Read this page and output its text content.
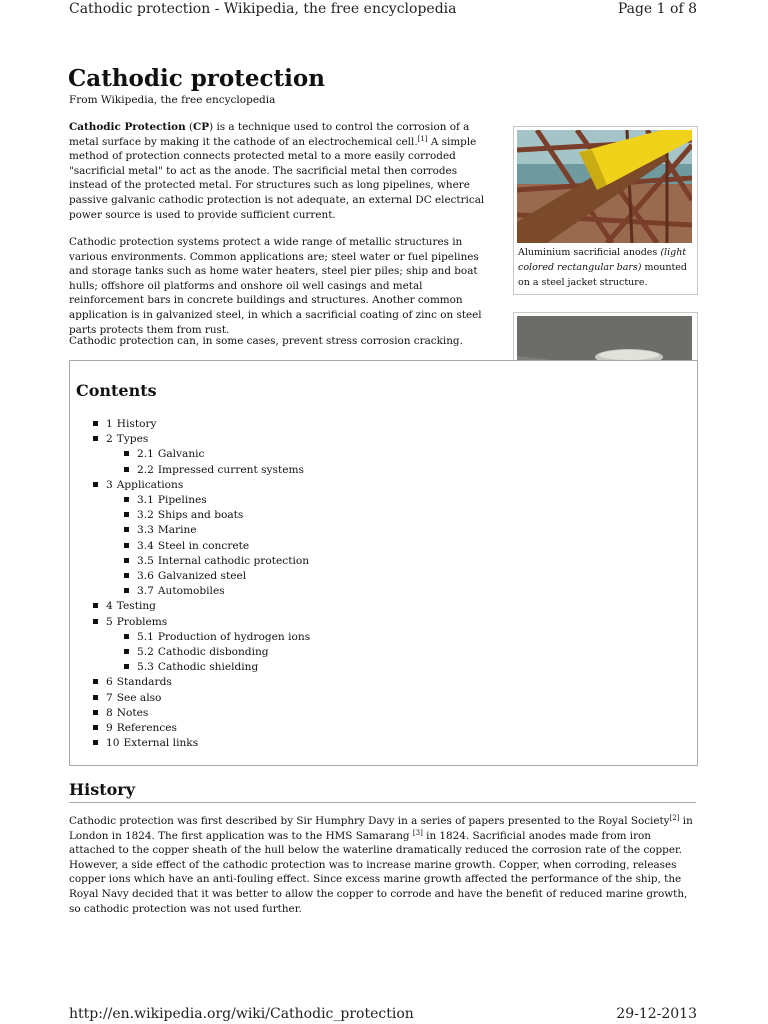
Cathodic protection - Wikipedia, the free encyclopedia	Page 1 of 8
Cathodic protection
From Wikipedia, the free encyclopedia

Cathodic Protection (CP) is a technique used to control the corrosion of a metal surface by making it the cathode of an electrochemical cell.[1] A simple method of protection connects protected metal to a more easily corroded "sacrificial metal" to act as the anode. The sacrificial metal then corrodes instead of the protected metal. For structures such as long pipelines, where passive galvanic cathodic protection is not adequate, an external DC electrical power source is used to provide sufficient current.

Cathodic protection systems protect a wide range of metallic structures in various environments. Common applications are; steel water or fuel pipelines and storage tanks such as home water heaters, steel pier piles; ship and boat hulls; offshore oil platforms and onshore oil well casings and metal reinforcement bars in concrete buildings and structures. Another common application is in galvanized steel, in which a sacrificial coating of zinc on steel parts protects them from rust.

Cathodic protection can, in some cases, prevent stress corrosion cracking.

Aluminium sacrificial anodes (light colored rectangular bars) mounted on a steel jacket structure.
Contents
1 History
2 Types
2.1 Galvanic
2.2 Impressed current systems
3 Applications
3.1 Pipelines
3.2 Ships and boats
3.3 Marine
3.4 Steel in concrete
3.5 Internal cathodic protection
3.6 Galvanized steel
3.7 Automobiles
4 Testing
5 Problems
5.1 Production of hydrogen ions
5.2 Cathodic disbonding
5.3 Cathodic shielding
6 Standards
7 See also
8 Notes
9 References
10 External links
History

Cathodic protection was first described by Sir Humphry Davy in a series of papers presented to the Royal Society[2] in London in 1824. The first application was to the HMS Samarang [3] in 1824. Sacrificial anodes made from iron attached to the copper sheath of the hull below the waterline dramatically reduced the corrosion rate of the copper. However, a side effect of the cathodic protection was to increase marine growth. Copper, when corroding, releases copper ions which have an anti-fouling effect. Since excess marine growth affected the performance of the ship, the Royal Navy decided that it was better to allow the copper to corrode and have the benefit of reduced marine growth, so cathodic protection was not used further.

http://en.wikipedia.org/wiki/Cathodic_protection	29-12-2013
